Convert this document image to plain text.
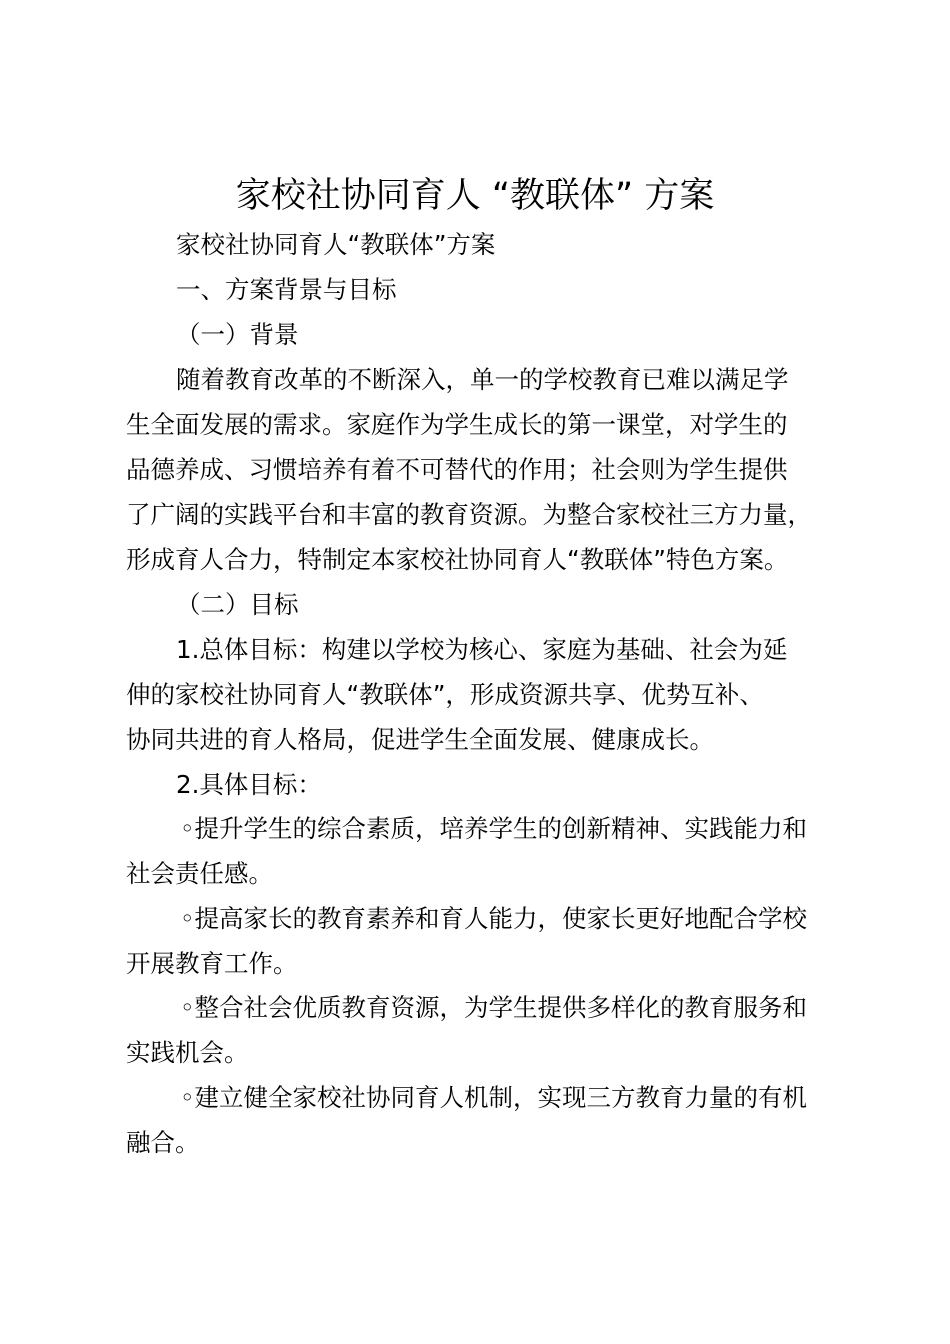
家校社协同育人 “教联体” 方案
家校社协同育人“教联体”方案
一、方案背景与目标
（一）背景
随着教育改革的不断深入，单一的学校教育已难以满足学
生全面发展的需求。家庭作为学生成长的第一课堂，对学生的
品德养成、习惯培养有着不可替代的作用；社会则为学生提供
了广阔的实践平台和丰富的教育资源。为整合家校社三方力量，
形成育人合力，特制定本家校社协同育人“教联体”特色方案。
（二）目标
1.总体目标：构建以学校为核心、家庭为基础、社会为延
伸的家校社协同育人“教联体”，形成资源共享、优势互补、
协同共进的育人格局，促进学生全面发展、健康成长。
2.具体目标：
◦提升学生的综合素质，培养学生的创新精神、实践能力和
社会责任感。
◦提高家长的教育素养和育人能力，使家长更好地配合学校
开展教育工作。
◦整合社会优质教育资源，为学生提供多样化的教育服务和
实践机会。
◦建立健全家校社协同育人机制，实现三方教育力量的有机
融合。
